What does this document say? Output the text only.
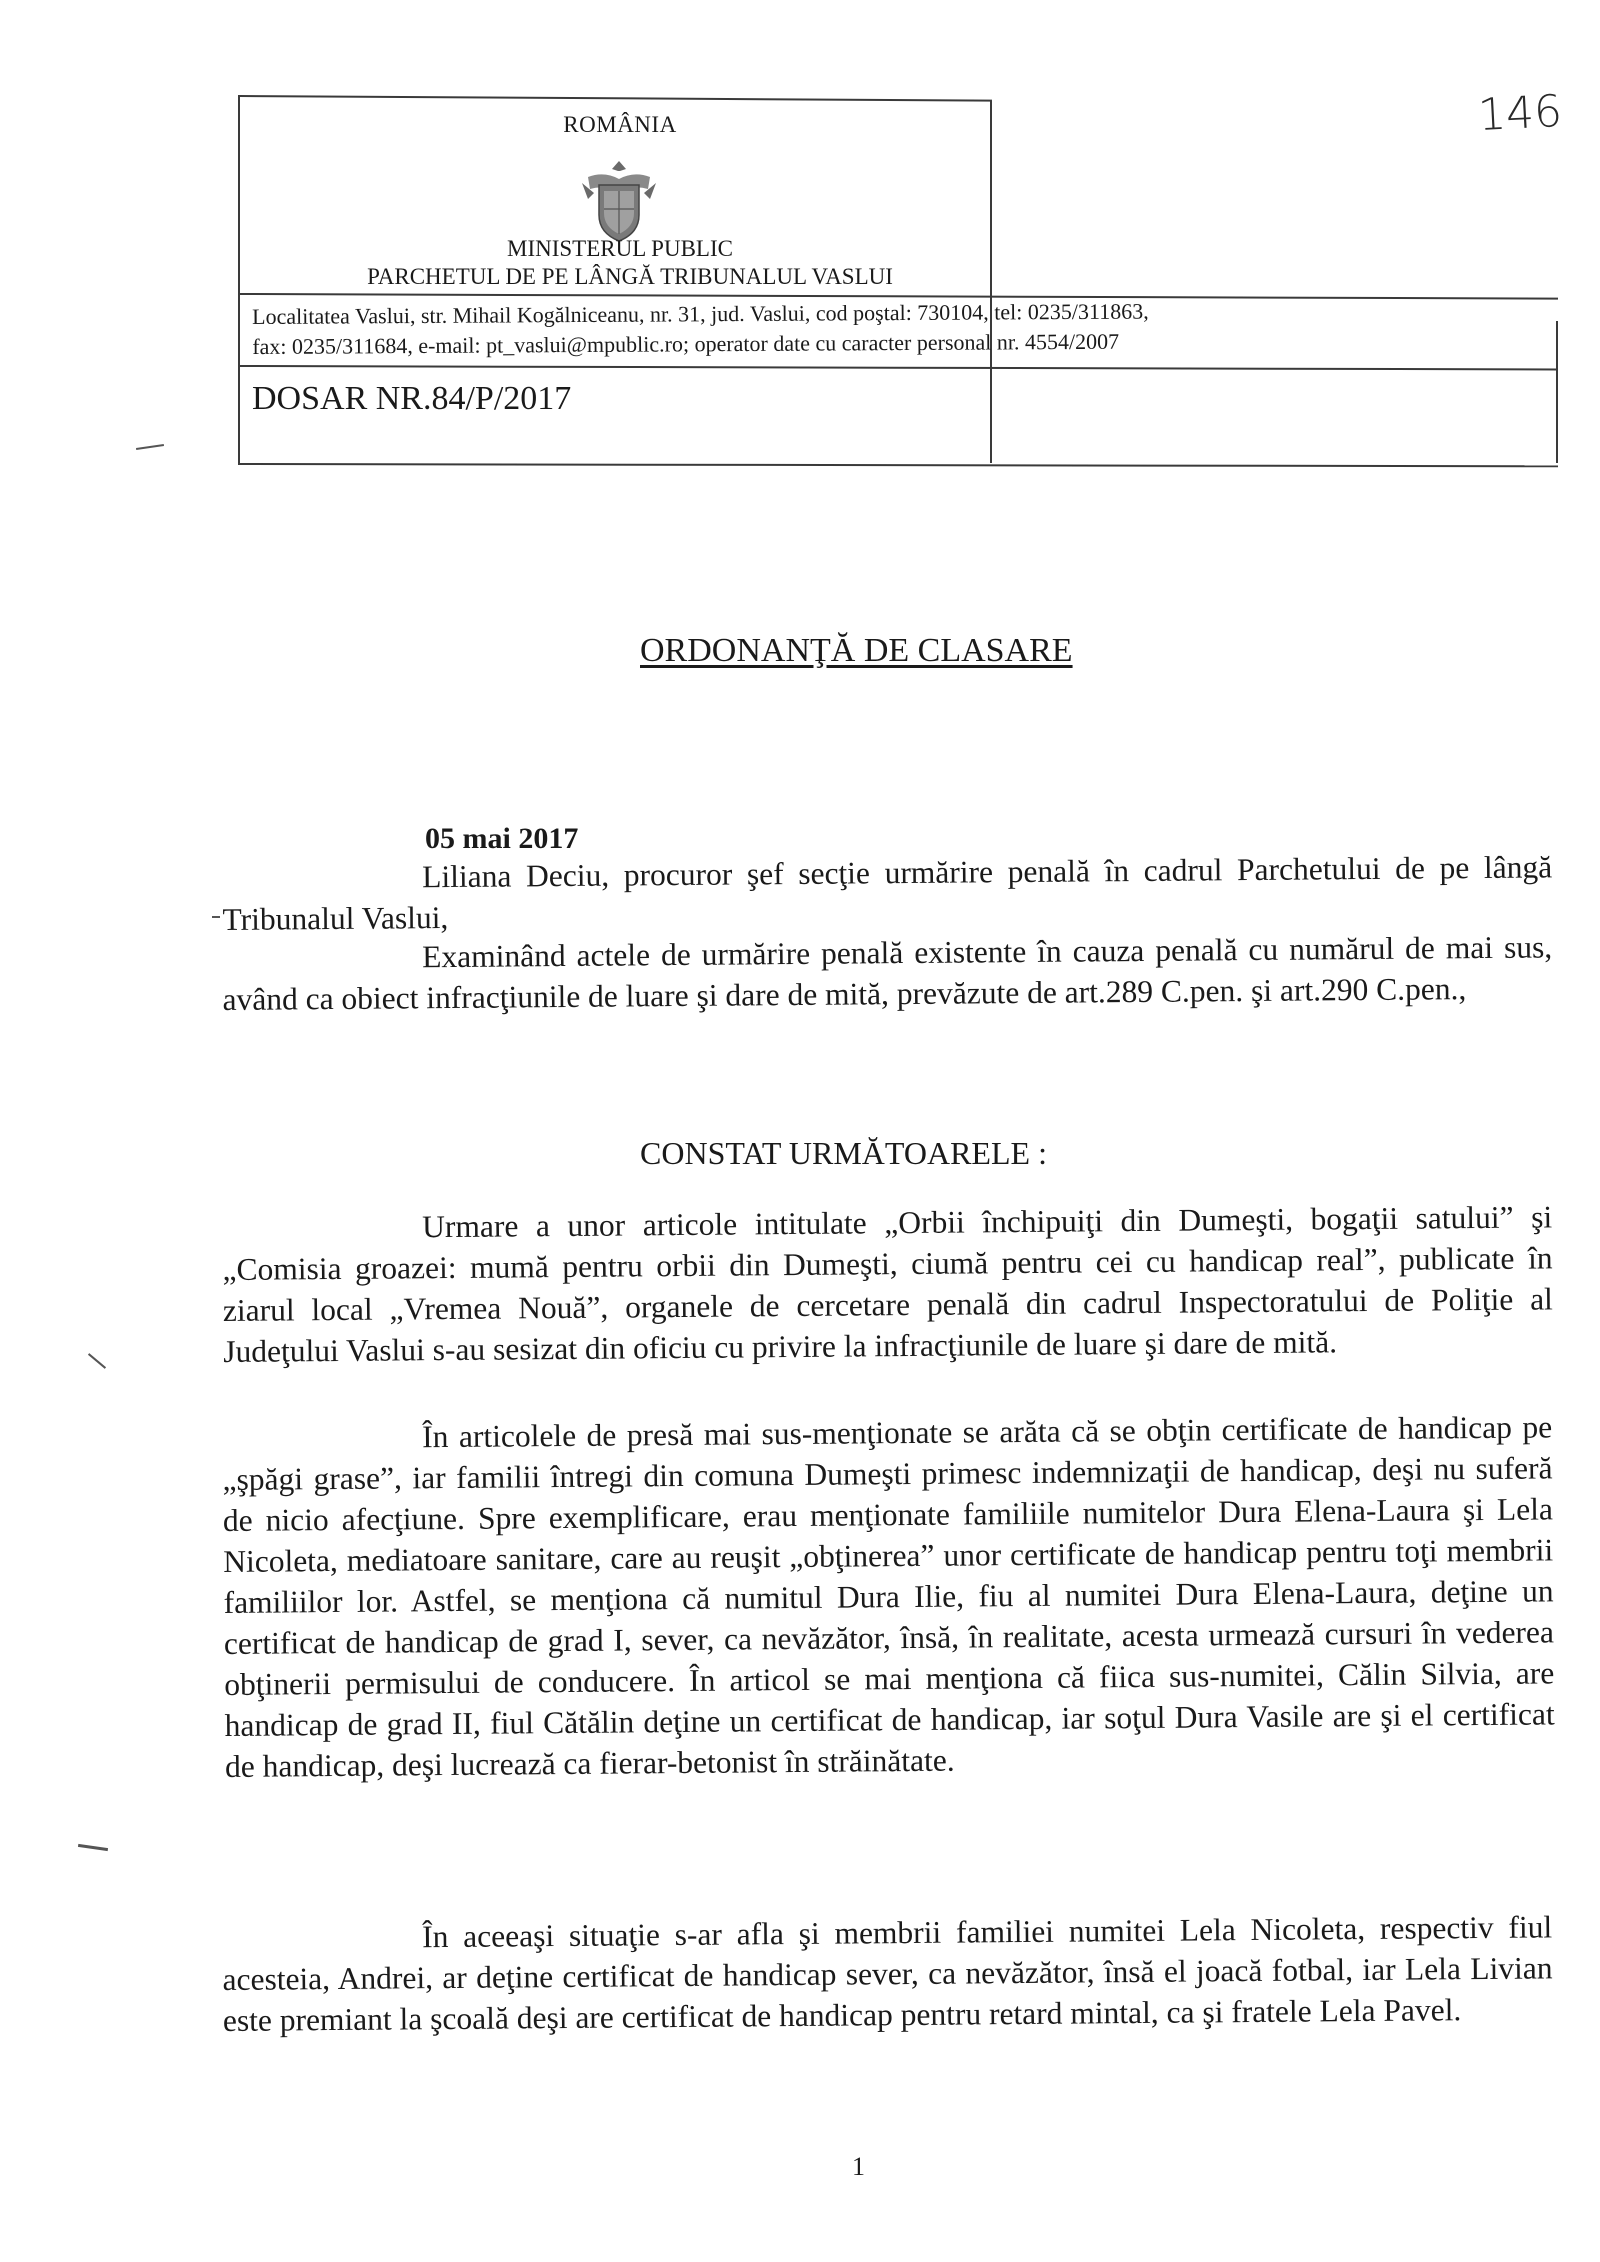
ROMÂNIA
MINISTERUL PUBLIC
PARCHETUL DE PE LÂNGĂ TRIBUNALUL VASLUI
Localitatea Vaslui, str. Mihail Kogălniceanu, nr. 31, jud. Vaslui, cod poştal: 730104, tel: 0235/311863,
fax: 0235/311684, e-mail: pt_vaslui@mpublic.ro; operator date cu caracter personal nr. 4554/2007
DOSAR NR.84/P/2017
146
ORDONANŢĂ DE CLASARE
05 mai 2017
Liliana Deciu, procuror şef secţie urmărire penală în cadrul Parchetului de pe lângă Tribunalul Vaslui,
Examinând actele de urmărire penală existente în cauza penală cu numărul de mai sus, având ca obiect infracţiunile de luare şi dare de mită, prevăzute de art.289 C.pen. şi art.290 C.pen.,
CONSTAT URMĂTOARELE :
Urmare a unor articole intitulate „Orbii închipuiţi din Dumeşti, bogaţii satului” şi „Comisia groazei: mumă pentru orbii din Dumeşti, ciumă pentru cei cu handicap real”, publicate în ziarul local „Vremea Nouă”, organele de cercetare penală din cadrul Inspectoratului de Poliţie al Judeţului Vaslui s-au sesizat din oficiu cu privire la infracţiunile de luare şi dare de mită.
În articolele de presă mai sus-menţionate se arăta că se obţin certificate de handicap pe „şpăgi grase”, iar familii întregi din comuna Dumeşti primesc indemnizaţii de handicap, deşi nu suferă de nicio afecţiune. Spre exemplificare, erau menţionate familiile numitelor Dura Elena-Laura şi Lela Nicoleta, mediatoare sanitare, care au reuşit „obţinerea” unor certificate de handicap pentru toţi membrii familiilor lor. Astfel, se menţiona că numitul Dura Ilie, fiu al numitei Dura Elena-Laura, deţine un certificat de handicap de grad I, sever, ca nevăzător, însă, în realitate, acesta urmează cursuri în vederea obţinerii permisului de conducere. În articol se mai menţiona că fiica sus-numitei, Călin Silvia, are handicap de grad II, fiul Cătălin deţine un certificat de handicap, iar soţul Dura Vasile are şi el certificat de handicap, deşi lucrează ca fierar-betonist în străinătate.
În aceeaşi situaţie s-ar afla şi membrii familiei numitei Lela Nicoleta, respectiv fiul acesteia, Andrei, ar deţine certificat de handicap sever, ca nevăzător, însă el joacă fotbal, iar Lela Livian este premiant la şcoală deşi are certificat de handicap pentru retard mintal, ca şi fratele Lela Pavel.
1
